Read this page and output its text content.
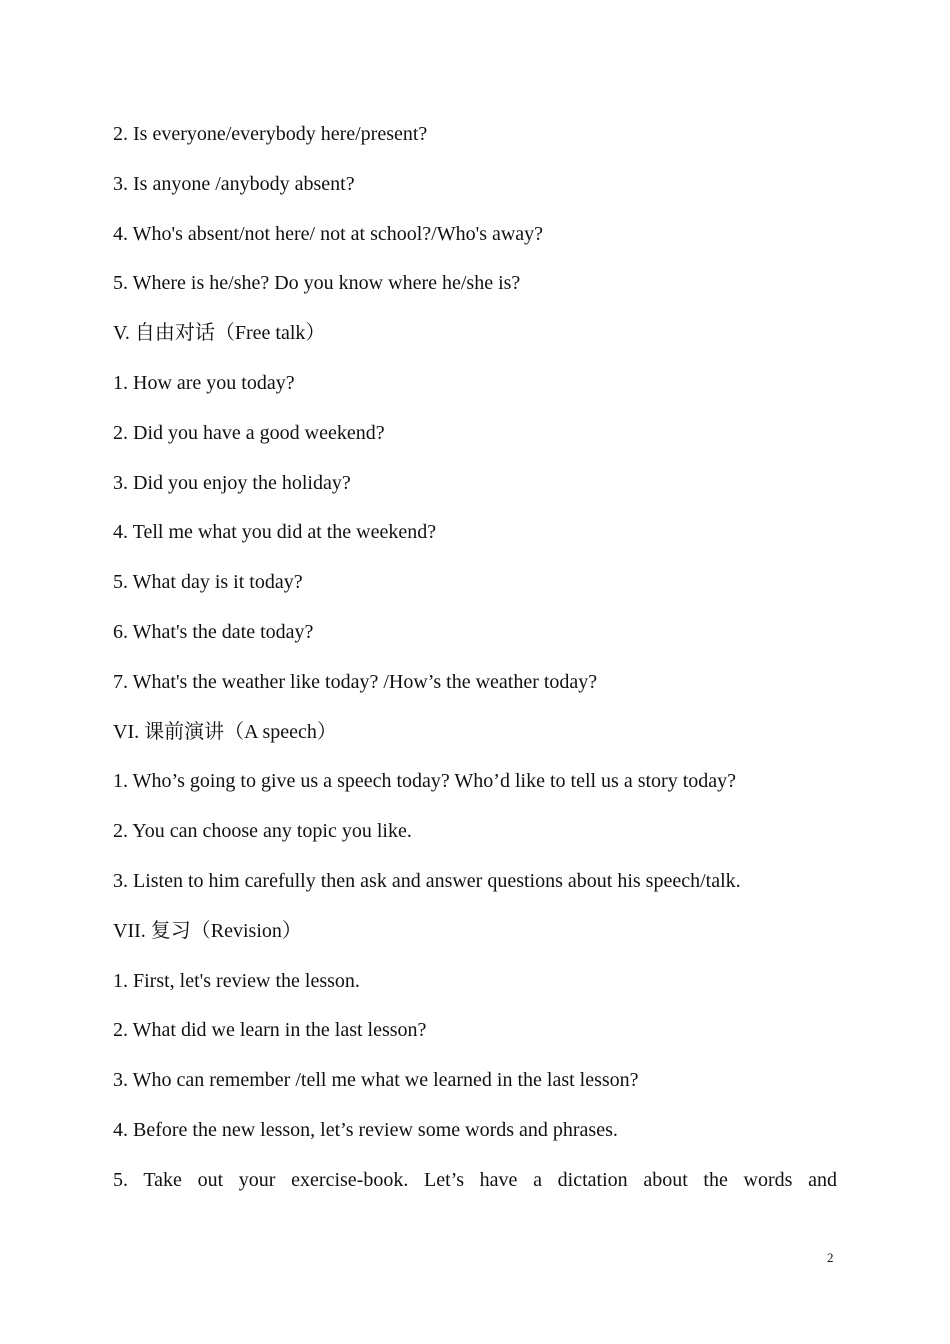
2. Is everyone/everybody here/present?
3. Is anyone /anybody absent?
4. Who's absent/not here/ not at school?/Who's away?
5. Where is he/she? Do you know where he/she is?
V. 自由对话（Free talk）
1. How are you today?
2. Did you have a good weekend?
3. Did you enjoy the holiday?
4. Tell me what you did at the weekend?
5. What day is it today?
6. What's the date today?
7. What's the weather like today? /How’s the weather today?
VI. 课前演讲（A speech）
1. Who’s going to give us a speech today? Who’d like to tell us a story today?
2. You can choose any topic you like.
3. Listen to him carefully then ask and answer questions about his speech/talk.
VII. 复习（Revision）
1. First, let's review the lesson.
2. What did we learn in the last lesson?
3. Who can remember /tell me what we learned in the last lesson?
4. Before the new lesson, let’s review some words and phrases.
5. Take out your exercise-book. Let’s have a dictation about the words and
2
